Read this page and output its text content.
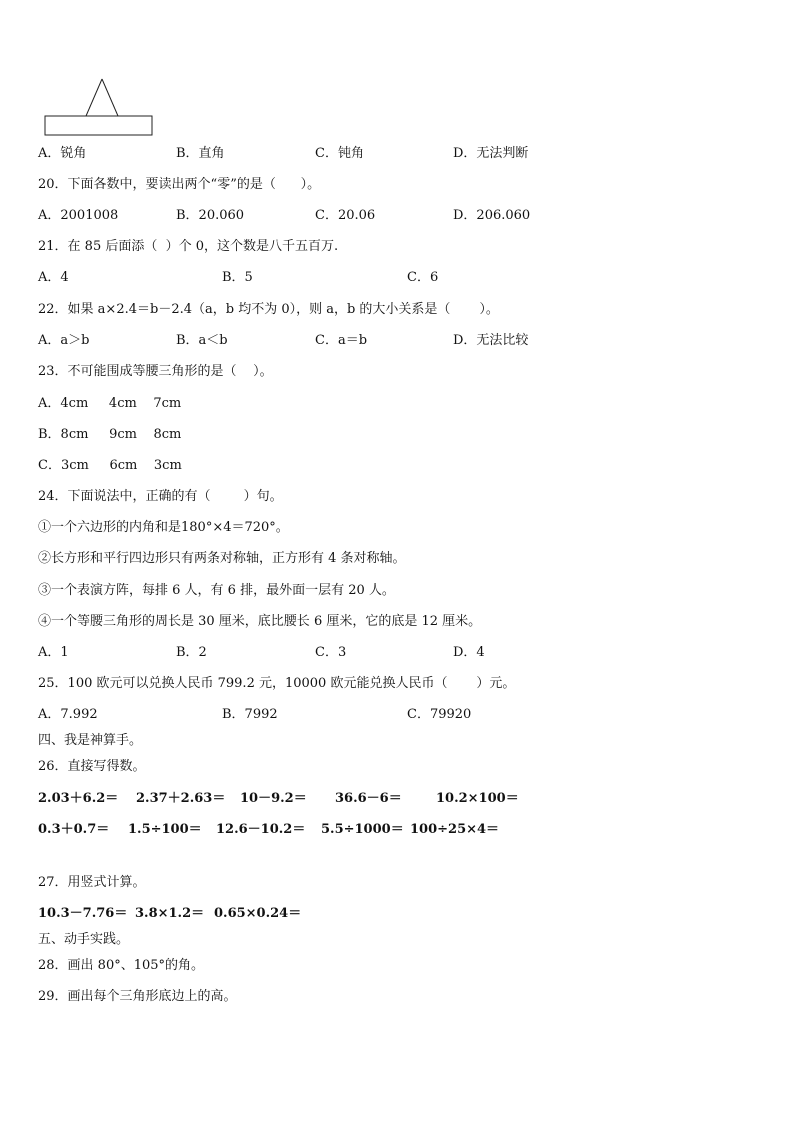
A．锐角	B．直角	C．钝角	D．无法判断
20．下面各数中，要读出两个“零”的是（      ）。
A．2001008	B．20.060	C．20.06	D．206.060
21．在 85 后面添（  ）个 0，这个数是八千五百万.
A．4	B．5	C．6
22．如果 a×2.4＝b－2.4（a，b 均不为 0），则 a，b 的大小关系是（       ）。
A．a＞b	B．a＜b	C．a＝b	D．无法比较
23．不可能围成等腰三角形的是（    ）。
A．4cm     4cm    7cm
B．8cm     9cm    8cm
C．3cm     6cm    3cm
24．下面说法中，正确的有（        ）句。
①一个六边形的内角和是180°×4＝720°。
②长方形和平行四边形只有两条对称轴，正方形有 4 条对称轴。
③一个表演方阵，每排 6 人，有 6 排，最外面一层有 20 人。
④一个等腰三角形的周长是 30 厘米，底比腰长 6 厘米，它的底是 12 厘米。
A．1	B．2	C．3	D．4
25．100 欧元可以兑换人民币 799.2 元，10000 欧元能兑换人民币（       ）元。
A．7.992	B．7992	C．79920
四、我是神算手。
26．直接写得数。
2.03＋6.2＝ 2.37＋2.63＝ 10－9.2＝ 36.6－6＝	10.2×100＝
0.3＋0.7＝ 1.5÷100＝ 12.6－10.2＝ 5.5÷1000＝ 100÷25×4＝
27．用竖式计算。
10.3－7.76＝ 3.8×1.2＝ 0.65×0.24＝
五、动手实践。
28．画出 80°、105°的角。
29．画出每个三角形底边上的高。
